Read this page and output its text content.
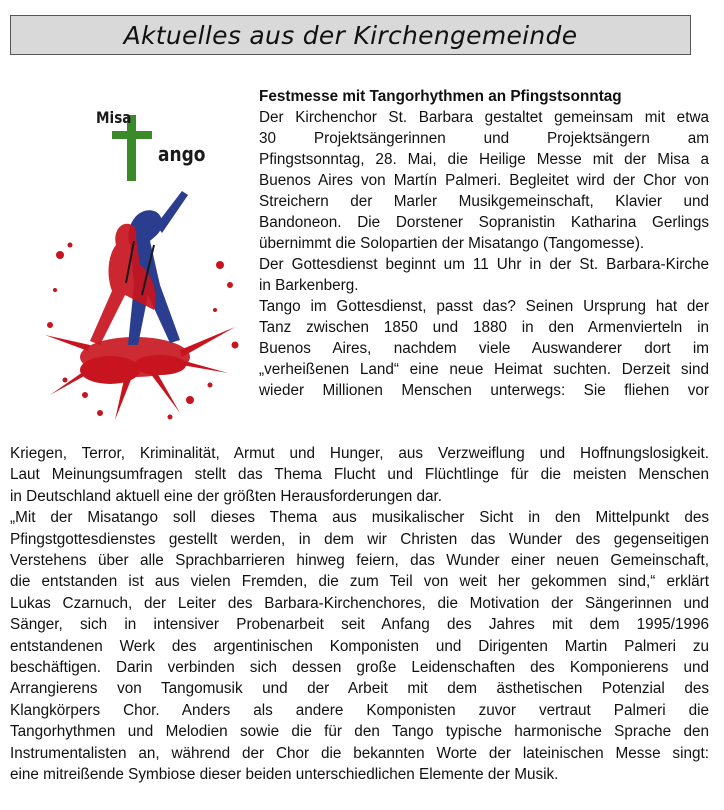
Aktuelles aus der Kirchengemeinde
Misa
ango

Festmesse mit Tangorhythmen an Pfingstsonntag

Der Kirchenchor St. Barbara gestaltet gemeinsam mit etwa
30 Projektsängerinnen und Projektsängern am
Pfingstsonntag, 28. Mai, die Heilige Messe mit der Misa a
Buenos Aires von Martín Palmeri. Begleitet wird der Chor von
Streichern der Marler Musikgemeinschaft, Klavier und
Bandoneon. Die Dorstener Sopranistin Katharina Gerlings
übernimmt die Solopartien der Misatango (Tangomesse).
Der Gottesdienst beginnt um 11 Uhr in der St. Barbara-Kirche
in Barkenberg.
Tango im Gottesdienst, passt das? Seinen Ursprung hat der
Tanz zwischen 1850 und 1880 in den Armenvierteln in
Buenos Aires, nachdem viele Auswanderer dort im
„verheißenen Land“ eine neue Heimat suchten. Derzeit sind
wieder Millionen Menschen unterwegs: Sie fliehen vor

Kriegen, Terror, Kriminalität, Armut und Hunger, aus Verzweiflung und Hoffnungslosigkeit.
Laut Meinungsumfragen stellt das Thema Flucht und Flüchtlinge für die meisten Menschen
in Deutschland aktuell eine der größten Herausforderungen dar.
„Mit der Misatango soll dieses Thema aus musikalischer Sicht in den Mittelpunkt des
Pfingstgottesdienstes gestellt werden, in dem wir Christen das Wunder des gegenseitigen
Verstehens über alle Sprachbarrieren hinweg feiern, das Wunder einer neuen Gemeinschaft,
die entstanden ist aus vielen Fremden, die zum Teil von weit her gekommen sind,“ erklärt
Lukas Czarnuch, der Leiter des Barbara-Kirchenchores, die Motivation der Sängerinnen und
Sänger, sich in intensiver Probenarbeit seit Anfang des Jahres mit dem 1995/1996
entstandenen Werk des argentinischen Komponisten und Dirigenten Martin Palmeri zu
beschäftigen. Darin verbinden sich dessen große Leidenschaften des Komponierens und
Arrangierens von Tangomusik und der Arbeit mit dem ästhetischen Potenzial des
Klangkörpers Chor. Anders als andere Komponisten zuvor vertraut Palmeri die
Tangorhythmen und Melodien sowie die für den Tango typische harmonische Sprache den
Instrumentalisten an, während der Chor die bekannten Worte der lateinischen Messe singt:
eine mitreißende Symbiose dieser beiden unterschiedlichen Elemente der Musik.
